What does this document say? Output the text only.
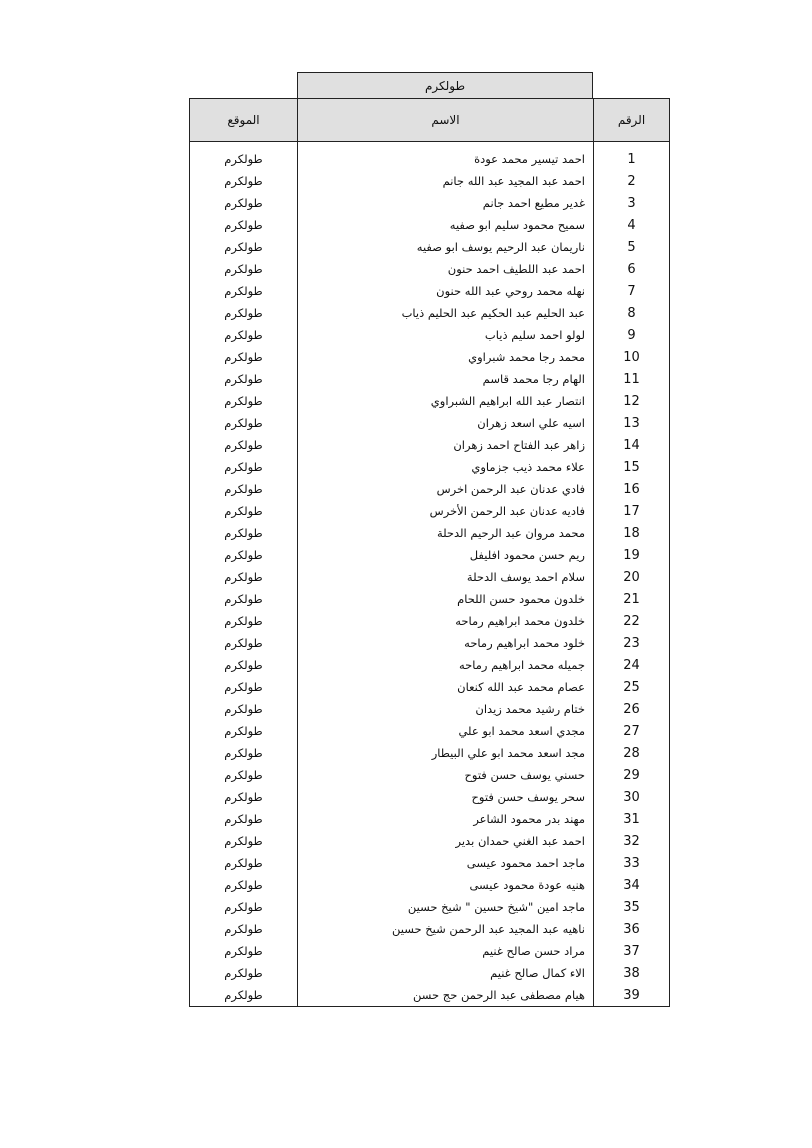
طولكرم
الموقع	الاسم	الرقم

طولكرم	احمد تيسير محمد عودة	1
طولكرم	احمد عبد المجيد عبد الله جانم	2
طولكرم	غدير مطيع احمد جانم	3
طولكرم	سميح محمود سليم ابو صفيه	4
طولكرم	ناريمان عبد الرحيم يوسف ابو صفيه	5
طولكرم	احمد عبد اللطيف احمد حنون	6
طولكرم	نهله محمد روحي عبد الله حنون	7
طولكرم	عبد الحليم عبد الحكيم عبد الحليم ذياب	8
طولكرم	لولو احمد سليم ذياب	9
طولكرم	محمد رجا محمد شبراوي	10
طولكرم	الهام رجا محمد قاسم	11
طولكرم	انتصار عبد الله ابراهيم الشبراوي	12
طولكرم	اسيه علي اسعد زهران	13
طولكرم	زاهر عبد الفتاح احمد زهران	14
طولكرم	علاء محمد ذيب جزماوي	15
طولكرم	فادي عدنان عبد الرحمن اخرس	16
طولكرم	فاديه عدنان عبد الرحمن الأخرس	17
طولكرم	محمد مروان عبد الرحيم الدحلة	18
طولكرم	ريم حسن محمود افليفل	19
طولكرم	سلام احمد يوسف الدحلة	20
طولكرم	خلدون محمود حسن اللحام	21
طولكرم	خلدون محمد ابراهيم رماحه	22
طولكرم	خلود محمد ابراهيم رماحه	23
طولكرم	جميله محمد ابراهيم رماحه	24
طولكرم	عصام محمد عبد الله كنعان	25
طولكرم	ختام رشيد محمد زيدان	26
طولكرم	مجدي اسعد محمد ابو علي	27
طولكرم	مجد اسعد محمد ابو علي البيطار	28
طولكرم	حسني يوسف حسن فتوح	29
طولكرم	سحر يوسف حسن فتوح	30
طولكرم	مهند بدر محمود الشاعر	31
طولكرم	احمد عبد الغني حمدان بدير	32
طولكرم	ماجد احمد محمود عيسى	33
طولكرم	هنيه عودة محمود عيسى	34
طولكرم	ماجد امين "شيخ حسين " شيخ حسين	35
طولكرم	ناهيه عبد المجيد عبد الرحمن شيخ حسين	36
طولكرم	مراد حسن صالح غنيم	37
طولكرم	الاء كمال صالح غنيم	38
طولكرم	هيام مصطفى عبد الرحمن حج حسن	39
